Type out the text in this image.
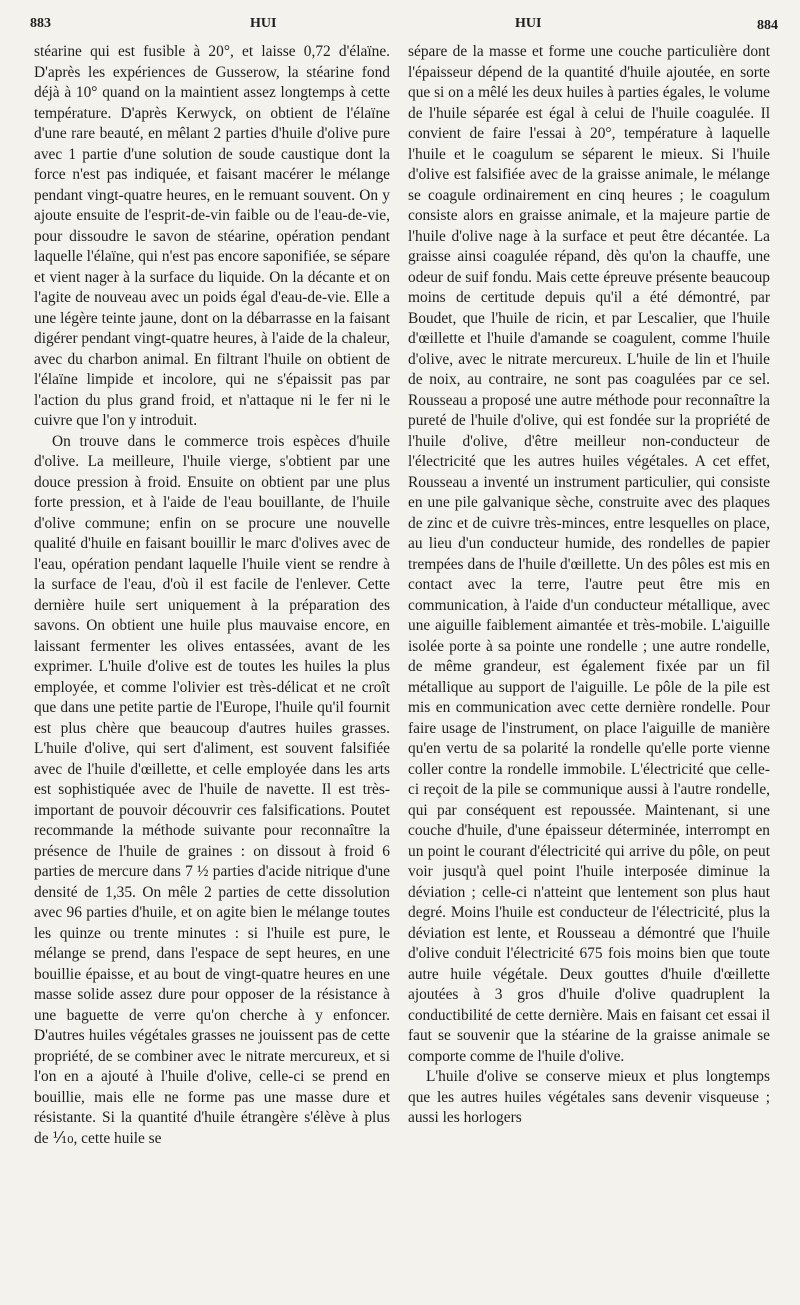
883	HUI	HUI	884

stéarine qui est fusible à 20°, et laisse 0,72 d'élaïne. D'après les expériences de Gusserow, la stéarine fond déjà à 10° quand on la maintient assez longtemps à cette température. D'après Kerwyck, on obtient de l'élaïne d'une rare beauté, en mêlant 2 parties d'huile d'olive pure avec 1 partie d'une solution de soude caustique dont la force n'est pas indiquée, et faisant macérer le mélange pendant vingt-quatre heures, en le remuant souvent. On y ajoute ensuite de l'esprit-de-vin faible ou de l'eau-de-vie, pour dissoudre le savon de stéarine, opération pendant laquelle l'élaïne, qui n'est pas encore saponifiée, se sépare et vient nager à la surface du liquide. On la décante et on l'agite de nouveau avec un poids égal d'eau-de-vie. Elle a une légère teinte jaune, dont on la débarrasse en la faisant digérer pendant vingt-quatre heures, à l'aide de la chaleur, avec du charbon animal. En filtrant l'huile on obtient de l'élaïne limpide et incolore, qui ne s'épaissit pas par l'action du plus grand froid, et n'attaque ni le fer ni le cuivre que l'on y introduit.

On trouve dans le commerce trois espèces d'huile d'olive. La meilleure, l'huile vierge, s'obtient par une douce pression à froid. Ensuite on obtient par une plus forte pression, et à l'aide de l'eau bouillante, de l'huile d'olive commune; enfin on se procure une nouvelle qualité d'huile en faisant bouillir le marc d'olives avec de l'eau, opération pendant laquelle l'huile vient se rendre à la surface de l'eau, d'où il est facile de l'enlever. Cette dernière huile sert uniquement à la préparation des savons. On obtient une huile plus mauvaise encore, en laissant fermenter les olives entassées, avant de les exprimer. L'huile d'olive est de toutes les huiles la plus employée, et comme l'olivier est très-délicat et ne croît que dans une petite partie de l'Europe, l'huile qu'il fournit est plus chère que beaucoup d'autres huiles grasses. L'huile d'olive, qui sert d'aliment, est souvent falsifiée avec de l'huile d'œillette, et celle employée dans les arts est sophistiquée avec de l'huile de navette. Il est très-important de pouvoir découvrir ces falsifications. Poutet recommande la méthode suivante pour reconnaître la présence de l'huile de graines : on dissout à froid 6 parties de mercure dans 7 ½ parties d'acide nitrique d'une densité de 1,35. On mêle 2 parties de cette dissolution avec 96 parties d'huile, et on agite bien le mélange toutes les quinze ou trente minutes : si l'huile est pure, le mélange se prend, dans l'espace de sept heures, en une bouillie épaisse, et au bout de vingt-quatre heures en une masse solide assez dure pour opposer de la résistance à une baguette de verre qu'on cherche à y enfoncer. D'autres huiles végétales grasses ne jouissent pas de cette propriété, de se combiner avec le nitrate mercureux, et si l'on en a ajouté à l'huile d'olive, celle-ci se prend en bouillie, mais elle ne forme pas une masse dure et résistante. Si la quantité d'huile étrangère s'élève à plus de ⅒, cette huile se

sépare de la masse et forme une couche particulière dont l'épaisseur dépend de la quantité d'huile ajoutée, en sorte que si on a mêlé les deux huiles à parties égales, le volume de l'huile séparée est égal à celui de l'huile coagulée. Il convient de faire l'essai à 20°, température à laquelle l'huile et le coagulum se séparent le mieux. Si l'huile d'olive est falsifiée avec de la graisse animale, le mélange se coagule ordinairement en cinq heures ; le coagulum consiste alors en graisse animale, et la majeure partie de l'huile d'olive nage à la surface et peut être décantée. La graisse ainsi coagulée répand, dès qu'on la chauffe, une odeur de suif fondu. Mais cette épreuve présente beaucoup moins de certitude depuis qu'il a été démontré, par Boudet, que l'huile de ricin, et par Lescalier, que l'huile d'œillette et l'huile d'amande se coagulent, comme l'huile d'olive, avec le nitrate mercureux. L'huile de lin et l'huile de noix, au contraire, ne sont pas coagulées par ce sel. Rousseau a proposé une autre méthode pour reconnaître la pureté de l'huile d'olive, qui est fondée sur la propriété de l'huile d'olive, d'être meilleur non-conducteur de l'électricité que les autres huiles végétales. A cet effet, Rousseau a inventé un instrument particulier, qui consiste en une pile galvanique sèche, construite avec des plaques de zinc et de cuivre très-minces, entre lesquelles on place, au lieu d'un conducteur humide, des rondelles de papier trempées dans de l'huile d'œillette. Un des pôles est mis en contact avec la terre, l'autre peut être mis en communication, à l'aide d'un conducteur métallique, avec une aiguille faiblement aimantée et très-mobile. L'aiguille isolée porte à sa pointe une rondelle ; une autre rondelle, de même grandeur, est également fixée par un fil métallique au support de l'aiguille. Le pôle de la pile est mis en communication avec cette dernière rondelle. Pour faire usage de l'instrument, on place l'aiguille de manière qu'en vertu de sa polarité la rondelle qu'elle porte vienne coller contre la rondelle immobile. L'électricité que celle-ci reçoit de la pile se communique aussi à l'autre rondelle, qui par conséquent est repoussée. Maintenant, si une couche d'huile, d'une épaisseur déterminée, interrompt en un point le courant d'électricité qui arrive du pôle, on peut voir jusqu'à quel point l'huile interposée diminue la déviation ; celle-ci n'atteint que lentement son plus haut degré. Moins l'huile est conducteur de l'électricité, plus la déviation est lente, et Rousseau a démontré que l'huile d'olive conduit l'électricité 675 fois moins bien que toute autre huile végétale. Deux gouttes d'huile d'œillette ajoutées à 3 gros d'huile d'olive quadruplent la conductibilité de cette dernière. Mais en faisant cet essai il faut se souvenir que la stéarine de la graisse animale se comporte comme de l'huile d'olive.

L'huile d'olive se conserve mieux et plus longtemps que les autres huiles végétales sans devenir visqueuse ; aussi les horlogers
